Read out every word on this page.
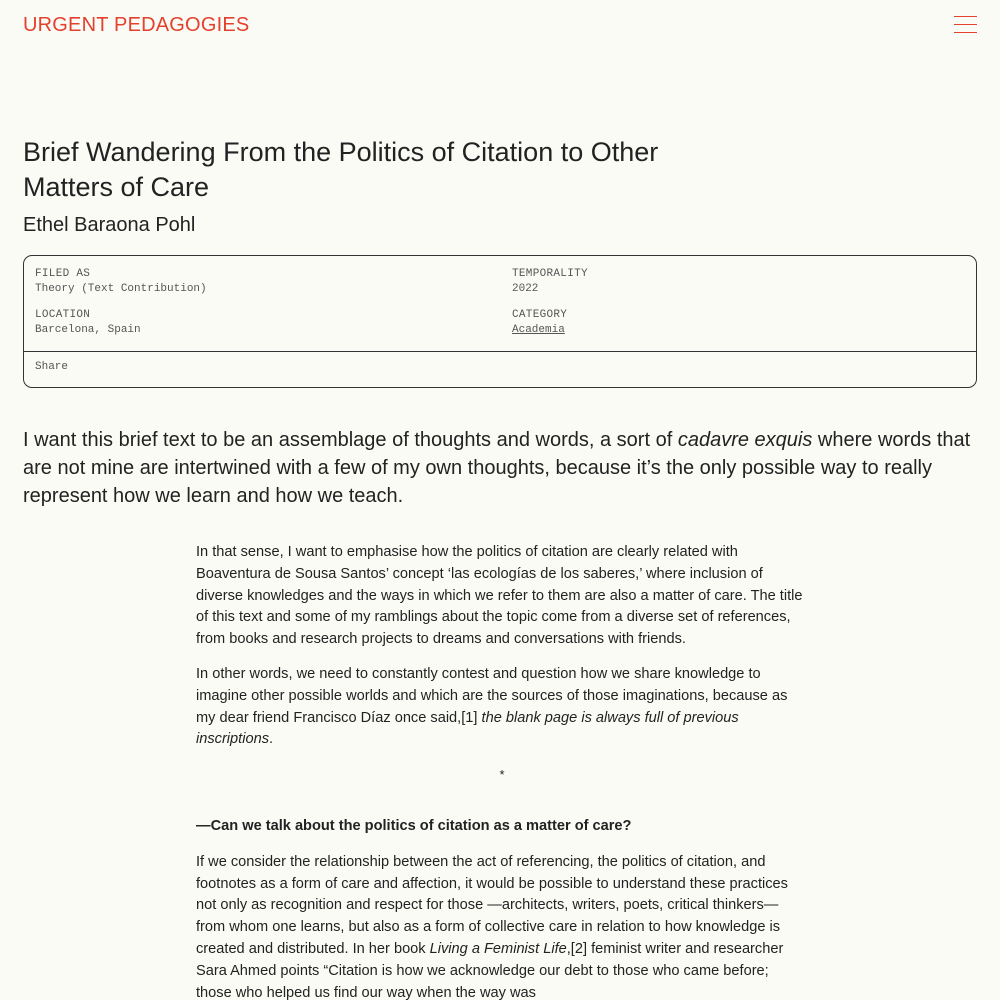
URGENT PEDAGOGIES
Brief Wandering From the Politics of Citation to Other Matters of Care
Ethel Baraona Pohl
FILED AS
Theory (Text Contribution)
TEMPORALITY
2022
LOCATION
Barcelona, Spain
CATEGORY
Academia
Share

I want this brief text to be an assemblage of thoughts and words, a sort of cadavre exquis where words that are not mine are intertwined with a few of my own thoughts, because it’s the only possible way to really represent how we learn and how we teach.

In that sense, I want to emphasise how the politics of citation are clearly related with Boaventura de Sousa Santos’ concept ‘las ecologías de los saberes,’ where inclusion of diverse knowledges and the ways in which we refer to them are also a matter of care. The title of this text and some of my ramblings about the topic come from a diverse set of references, from books and research projects to dreams and conversations with friends.

In other words, we need to constantly contest and question how we share knowledge to imagine other possible worlds and which are the sources of those imaginations, because as my dear friend Francisco Díaz once said,[1] the blank page is always full of previous inscriptions.

*

—Can we talk about the politics of citation as a matter of care?

If we consider the relationship between the act of referencing, the politics of citation, and footnotes as a form of care and affection, it would be possible to understand these practices not only as recognition and respect for those —architects, writers, poets, critical thinkers— from whom one learns, but also as a form of collective care in relation to how knowledge is created and distributed. In her book Living a Feminist Life,[2] feminist writer and researcher Sara Ahmed points “Citation is how we acknowledge our debt to those who came before; those who helped us find our way when the way was
